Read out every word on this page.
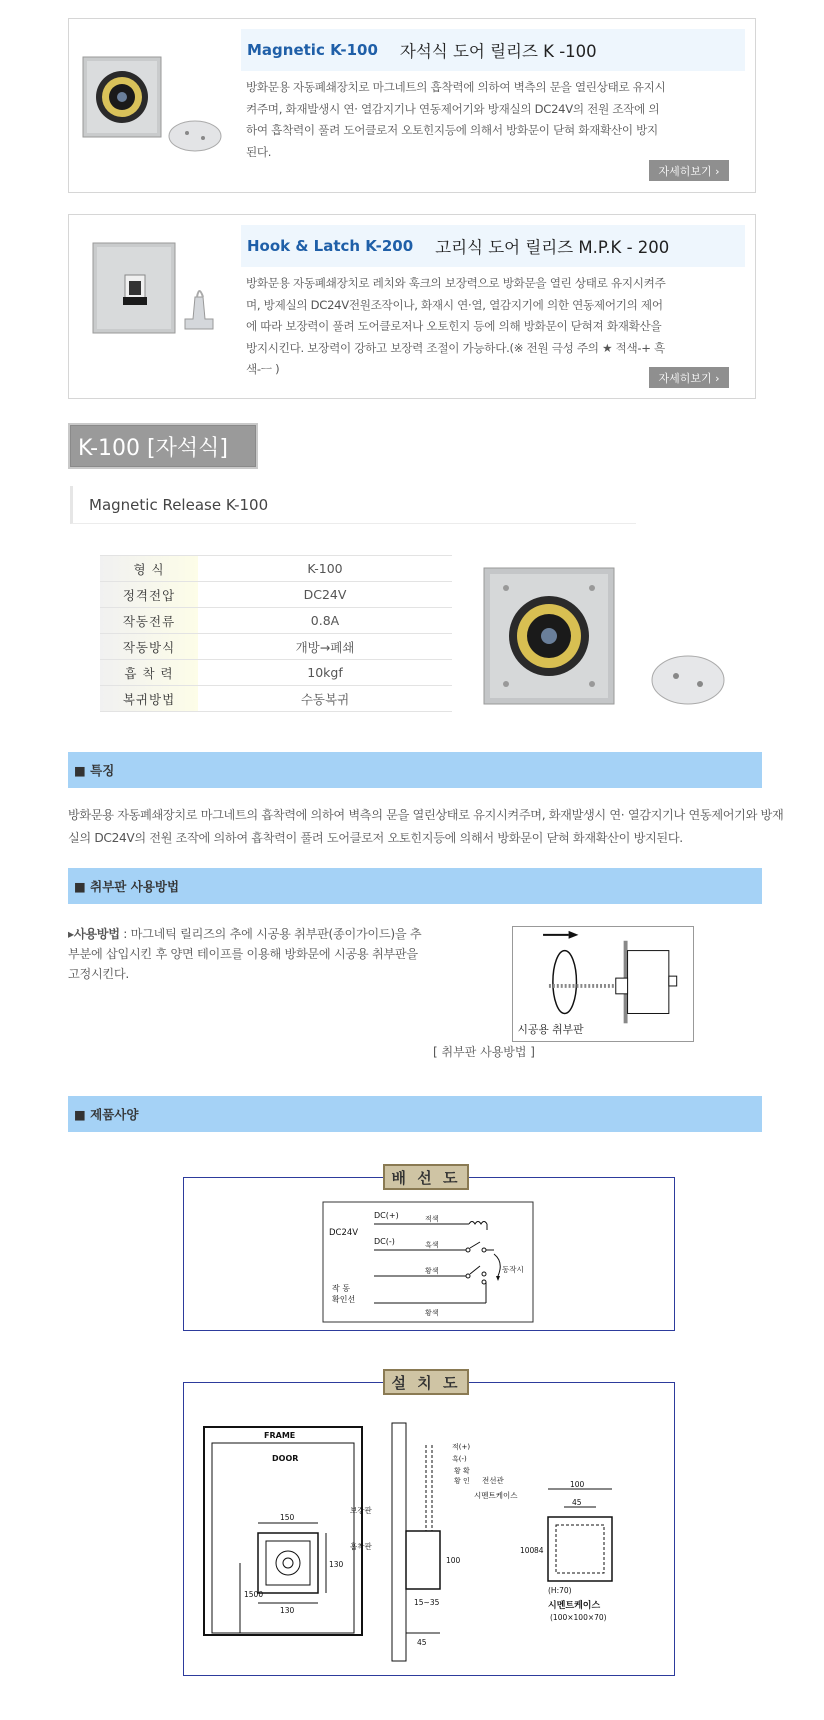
Magnetic K-100 자석식 도어 릴리즈 K -100
방화문용 자동폐쇄장치로 마그네트의 흡착력에 의하여 벽측의 문을 열린상태로 유지시켜주며, 화재발생시 연· 열감지기나 연동제어기와 방재실의 DC24V의 전원 조작에 의하여 흡착력이 풀려 도어클로저 오토힌지등에 의해서 방화문이 닫혀 화재확산이 방지된다.
자세히보기 ›
Hook & Latch K-200 고리식 도어 릴리즈 M.P.K - 200
방화문용 자동폐쇄장치로 레치와 훅크의 보장력으로 방화문을 열린 상태로 유지시켜주며, 방제실의 DC24V전원조작이나, 화재시 연·열, 열감지기에 의한 연동제어기의 제어에 따라 보장력이 풀려 도어클로저나 오토힌지 등에 의해 방화문이 닫혀져 화재확산을 방지시킨다. 보장력이 강하고 보장력 조절이 가능하다.(※ 전원 극성 주의 ★ 적색-+ 흑색-ㅡ )
자세히보기 ›
K-100 [자석식]
Magnetic Release K-100
형 식	K-100
정격전압	DC24V
작동전류	0.8A
작동방식	개방→폐쇄
흡 착 력	10kgf
복귀방법	수동복귀
■ 특징
방화문용 자동폐쇄장치로 마그네트의 흡착력에 의하여 벽측의 문을 열린상태로 유지시켜주며, 화재발생시 연· 열감지기나 연동제어기와 방재실의 DC24V의 전원 조작에 의하여 흡착력이 풀려 도어클로저 오토힌지등에 의해서 방화문이 닫혀 화재확산이 방지된다.
■ 취부판 사용방법
▸사용방법 : 마그네틱 릴리즈의 추에 시공용 취부판(종이가이드)을 추 부분에 삽입시킨 후 양면 테이프를 이용해 방화문에 시공용 취부판을 고정시킨다.
시공용 취부판
[ 취부판 사용방법 ]
■ 제품사양
DC24V
DC(+)
DC(-)
적색
흑색
작 동
확인선
황색
황색
동작시
배 선 도
FRAME
DOOR
150
130
130
1500
적(+)
흑(-)
황 확
황 인 전선관
시멘트케이스
보강판
흡착판
100
15~35
45
100
45
100 84
(H:70)
시멘트케이스
(100×100×70)
설 치 도
